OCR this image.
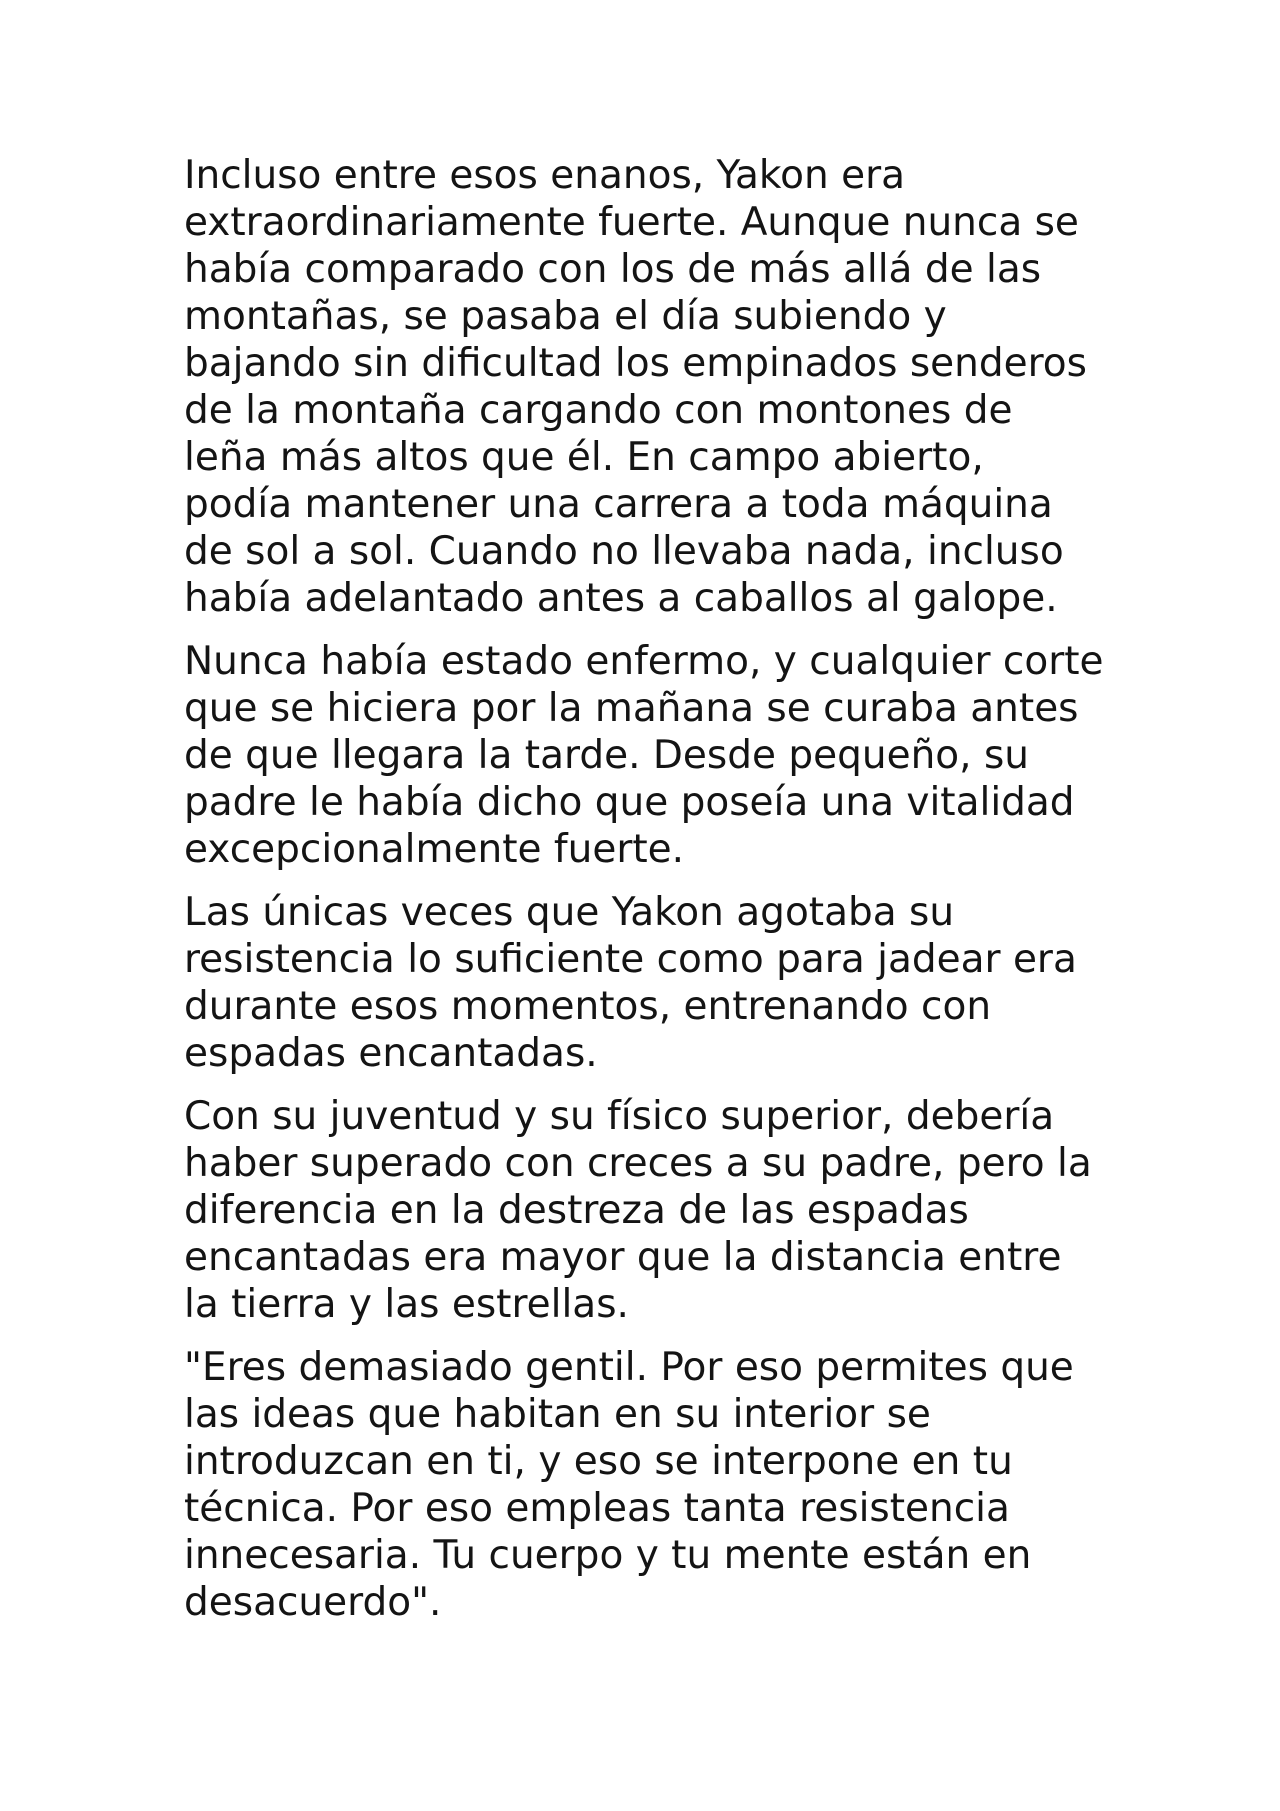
Incluso entre esos enanos, Yakon era
extraordinariamente fuerte. Aunque nunca se
había comparado con los de más allá de las
montañas, se pasaba el día subiendo y
bajando sin dificultad los empinados senderos
de la montaña cargando con montones de
leña más altos que él. En campo abierto,
podía mantener una carrera a toda máquina
de sol a sol. Cuando no llevaba nada, incluso
había adelantado antes a caballos al galope.

Nunca había estado enfermo, y cualquier corte
que se hiciera por la mañana se curaba antes
de que llegara la tarde. Desde pequeño, su
padre le había dicho que poseía una vitalidad
excepcionalmente fuerte.

Las únicas veces que Yakon agotaba su
resistencia lo suficiente como para jadear era
durante esos momentos, entrenando con
espadas encantadas.

Con su juventud y su físico superior, debería
haber superado con creces a su padre, pero la
diferencia en la destreza de las espadas
encantadas era mayor que la distancia entre
la tierra y las estrellas.

"Eres demasiado gentil. Por eso permites que
las ideas que habitan en su interior se
introduzcan en ti, y eso se interpone en tu
técnica. Por eso empleas tanta resistencia
innecesaria. Tu cuerpo y tu mente están en
desacuerdo".
